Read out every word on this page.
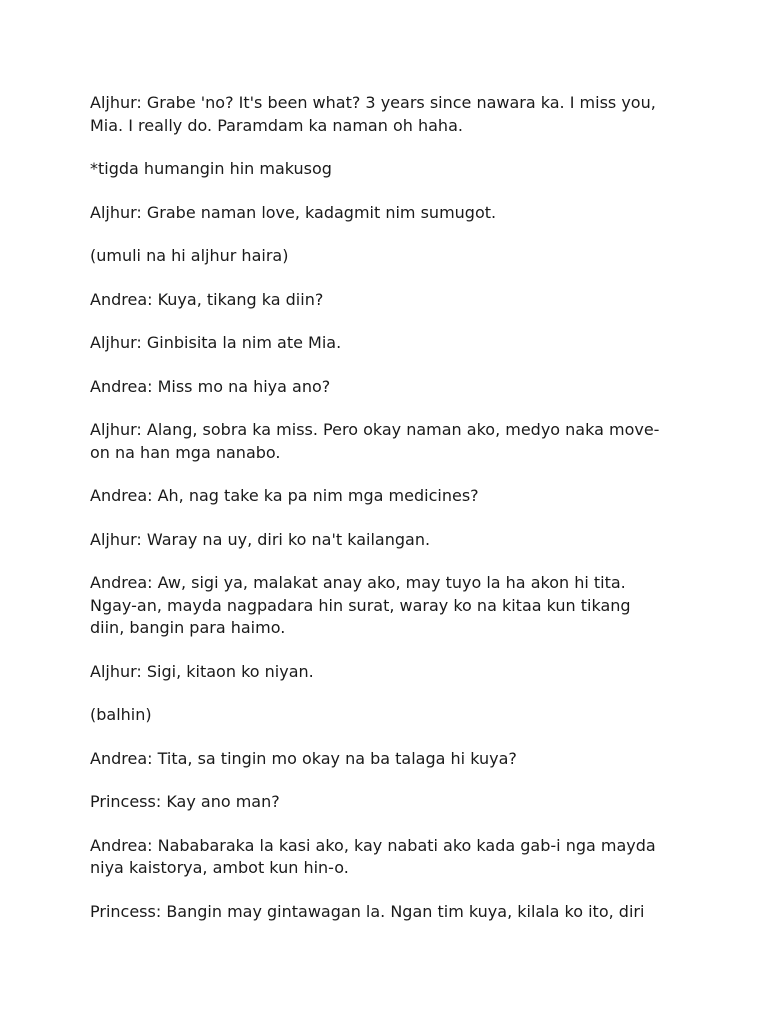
Aljhur: Grabe 'no? It's been what? 3 years since nawara ka. I miss you,
Mia. I really do. Paramdam ka naman oh haha.

*tigda humangin hin makusog

Aljhur: Grabe naman love, kadagmit nim sumugot.

(umuli na hi aljhur haira)

Andrea: Kuya, tikang ka diin?

Aljhur: Ginbisita la nim ate Mia.

Andrea: Miss mo na hiya ano?

Aljhur: Alang, sobra ka miss. Pero okay naman ako, medyo naka move-
on na han mga nanabo.

Andrea: Ah, nag take ka pa nim mga medicines?

Aljhur: Waray na uy, diri ko na't kailangan.

Andrea: Aw, sigi ya, malakat anay ako, may tuyo la ha akon hi tita.
Ngay-an, mayda nagpadara hin surat, waray ko na kitaa kun tikang
diin, bangin para haimo.

Aljhur: Sigi, kitaon ko niyan.

(balhin)

Andrea: Tita, sa tingin mo okay na ba talaga hi kuya?

Princess: Kay ano man?

Andrea: Nababaraka la kasi ako, kay nabati ako kada gab-i nga mayda
niya kaistorya, ambot kun hin-o.

Princess: Bangin may gintawagan la. Ngan tim kuya, kilala ko ito, diri
